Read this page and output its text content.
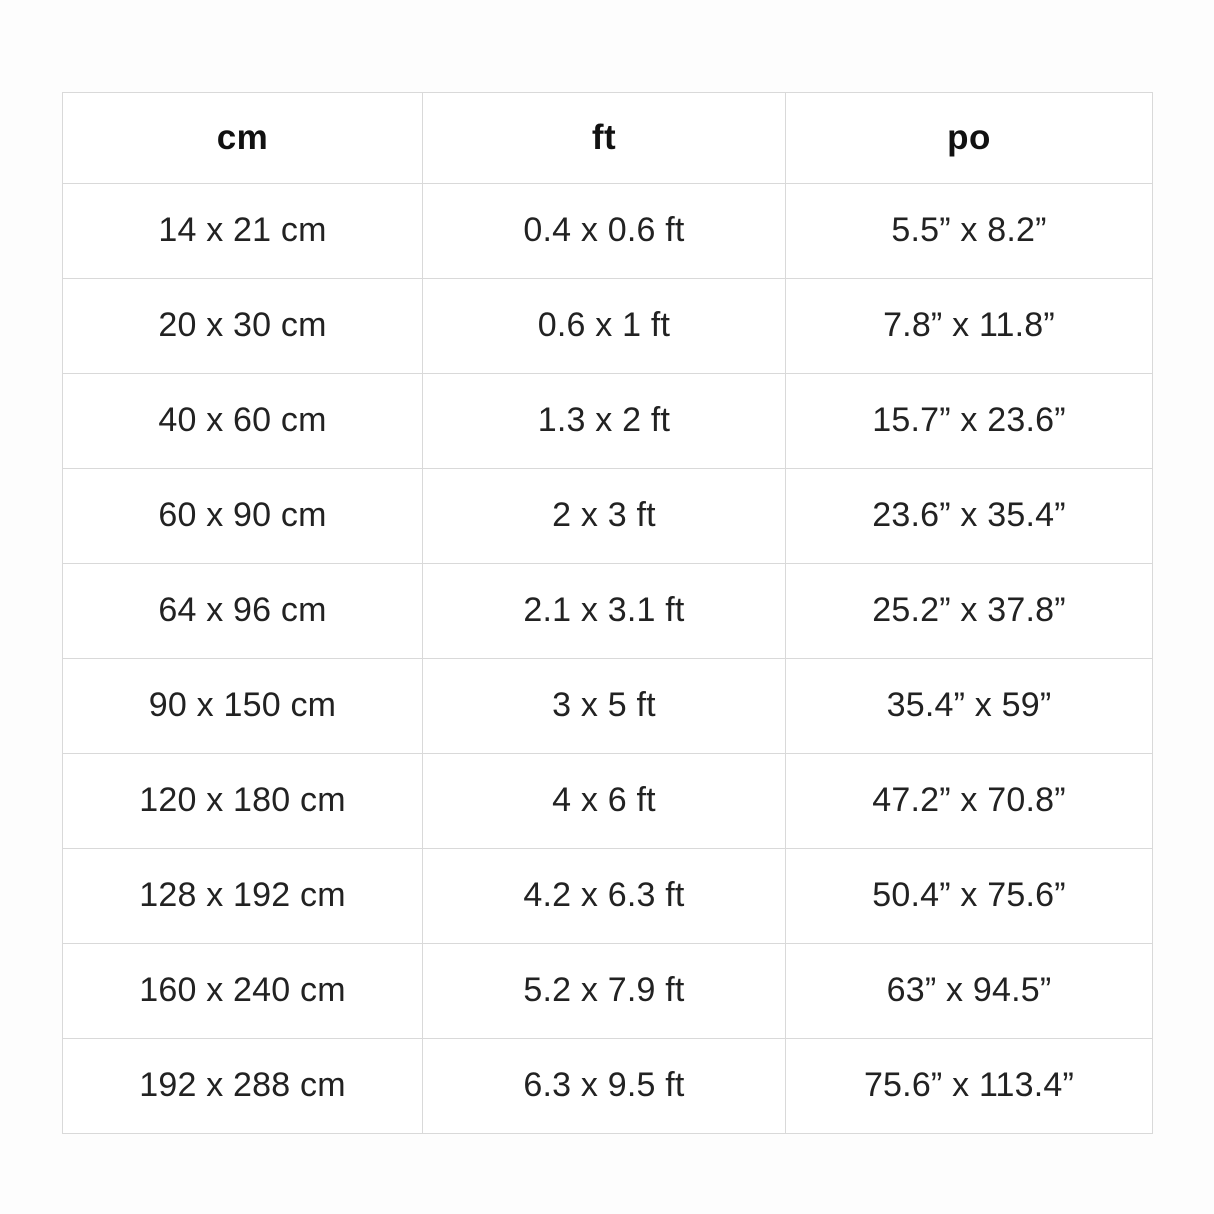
cm	ft	po

14 x 21 cm	0.4 x 0.6 ft	5.5” x 8.2”

20 x 30 cm	0.6 x 1 ft	7.8” x 11.8”

40 x 60 cm	1.3 x 2 ft	15.7” x 23.6”

60 x 90 cm	2 x 3 ft	23.6” x 35.4”

64 x 96 cm	2.1 x 3.1 ft	25.2” x 37.8”

90 x 150 cm	3 x 5 ft	35.4” x 59”

120 x 180 cm	4 x 6 ft	47.2” x 70.8”

128 x 192 cm	4.2 x 6.3 ft	50.4” x 75.6”

160 x 240 cm	5.2 x 7.9 ft	63” x 94.5”

192 x 288 cm	6.3 x 9.5 ft	75.6” x 113.4”
